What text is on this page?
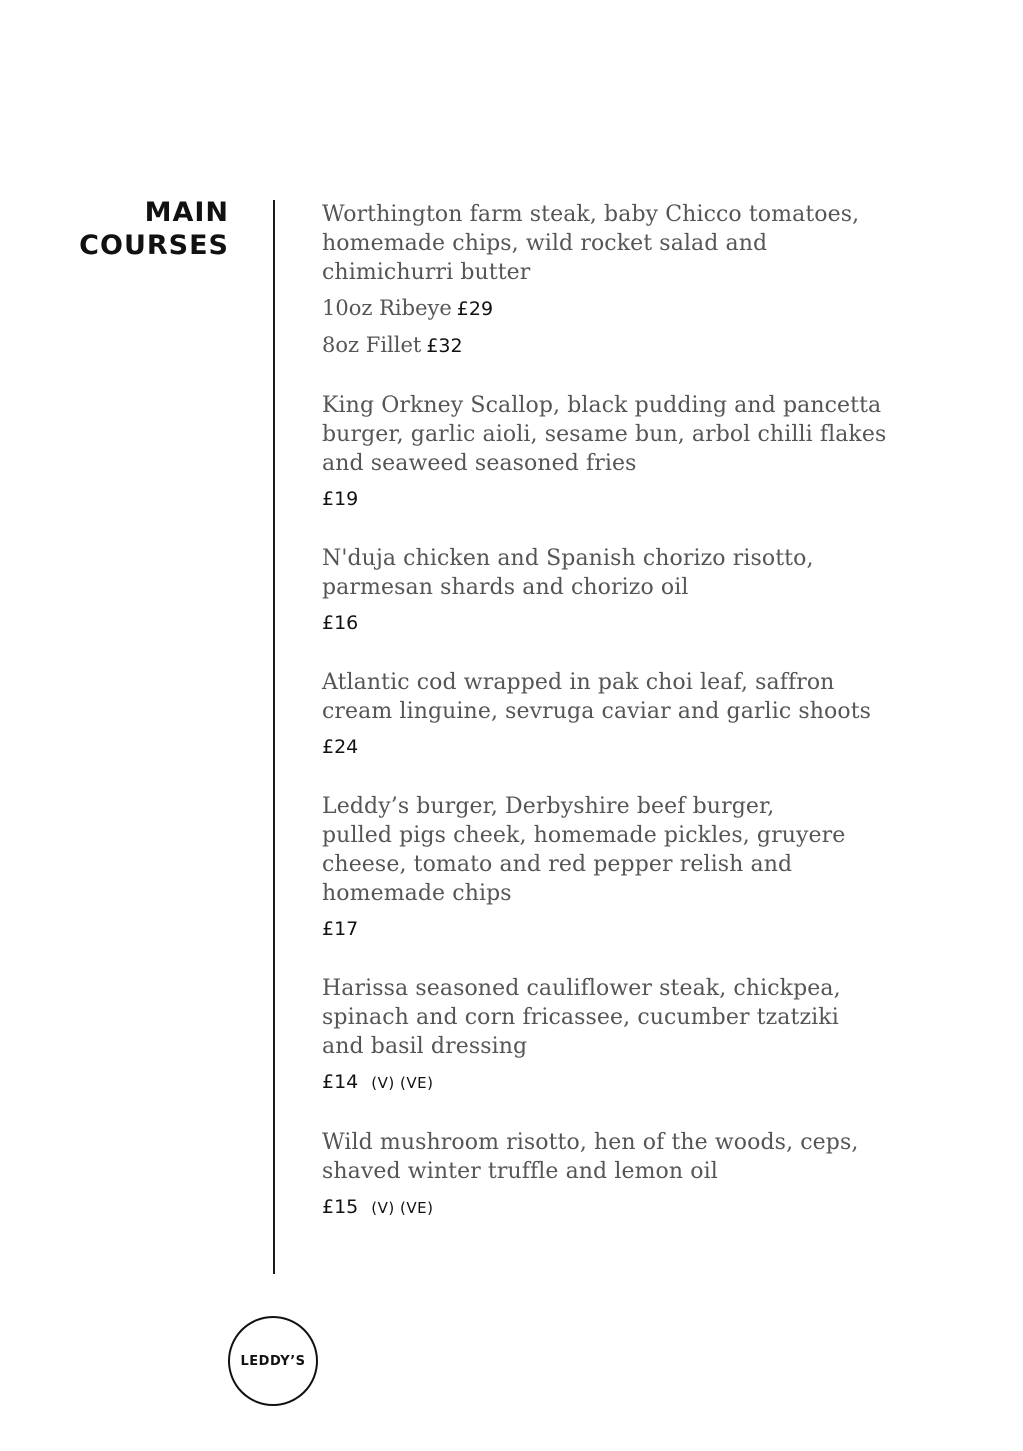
MAIN
COURSES
Worthington farm steak, baby Chicco tomatoes,
homemade chips, wild rocket salad and
chimichurri butter
10oz Ribeye £29
8oz Fillet £32
King Orkney Scallop, black pudding and pancetta
burger, garlic aioli, sesame bun, arbol chilli flakes
and seaweed seasoned fries
£19
N'duja chicken and Spanish chorizo risotto,
parmesan shards and chorizo oil
£16
Atlantic cod wrapped in pak choi leaf, saffron
cream linguine, sevruga caviar and garlic shoots
£24
Leddy’s burger, Derbyshire beef burger,
pulled pigs cheek, homemade pickles, gruyere
cheese, tomato and red pepper relish and
homemade chips
£17
Harissa seasoned cauliflower steak, chickpea,
spinach and corn fricassee, cucumber tzatziki
and basil dressing
£14 (V) (VE)
Wild mushroom risotto, hen of the woods, ceps,
shaved winter truffle and lemon oil
£15 (V) (VE)
LEDDY’S
